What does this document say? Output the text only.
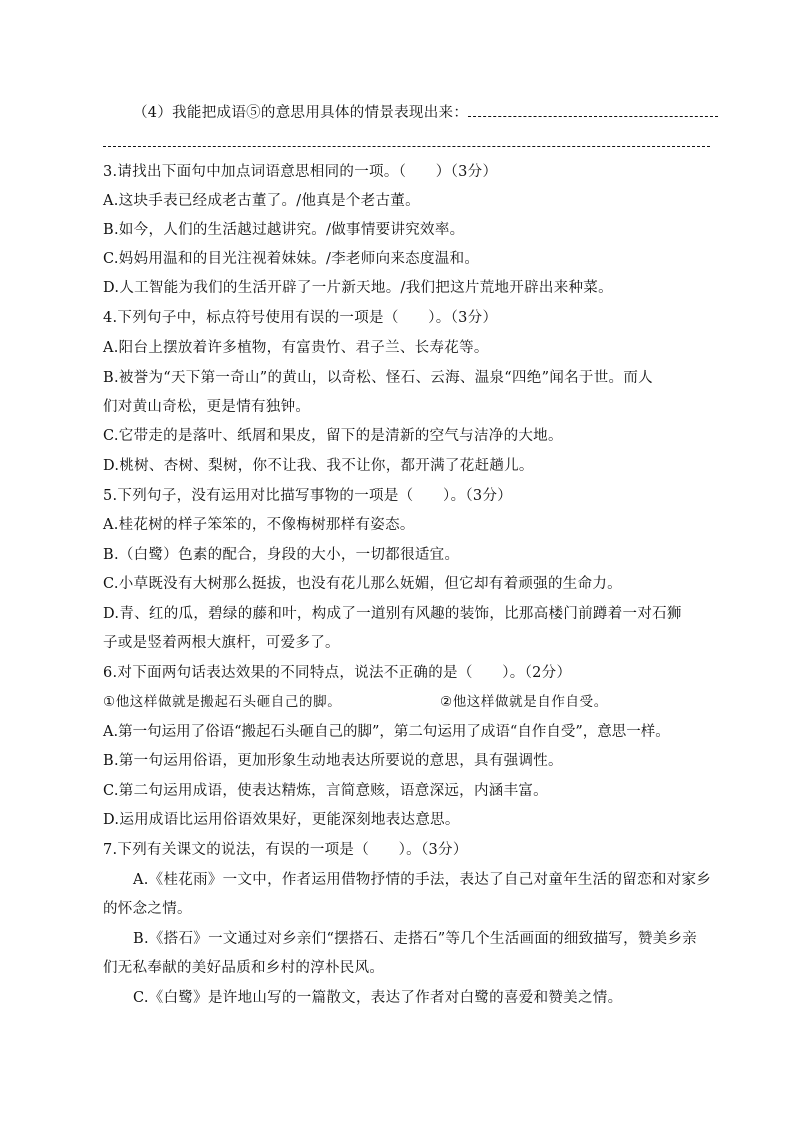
（4）我能把成语⑤的意思用具体的情景表现出来：
3.请找出下面句中加点词语意思相同的一项。（　　）（3分）
A.这块手表已经成老古董了。/他真是个老古董。
B.如今，人们的生活越过越讲究。/做事情要讲究效率。
C.妈妈用温和的目光注视着妹妹。/李老师向来态度温和。
D.人工智能为我们的生活开辟了一片新天地。/我们把这片荒地开辟出来种菜。
4.下列句子中，标点符号使用有误的一项是（　　）。（3分）
A.阳台上摆放着许多植物，有富贵竹、君子兰、长寿花等。
B.被誉为“天下第一奇山”的黄山，以奇松、怪石、云海、温泉“四绝”闻名于世。而人
们对黄山奇松，更是情有独钟。
C.它带走的是落叶、纸屑和果皮，留下的是清新的空气与洁净的大地。
D.桃树、杏树、梨树，你不让我、我不让你，都开满了花赶趟儿。
5.下列句子，没有运用对比描写事物的一项是（　　）。（3分）
A.桂花树的样子笨笨的，不像梅树那样有姿态。
B.（白鹭）色素的配合，身段的大小，一切都很适宜。
C.小草既没有大树那么挺拔，也没有花儿那么妩媚，但它却有着顽强的生命力。
D.青、红的瓜，碧绿的藤和叶，构成了一道别有风趣的装饰，比那高楼门前蹲着一对石狮
子或是竖着两根大旗杆，可爱多了。
6.对下面两句话表达效果的不同特点，说法不正确的是（　　）。（2分）
①他这样做就是搬起石头砸自己的脚。	②他这样做就是自作自受。
A.第一句运用了俗语“搬起石头砸自己的脚”，第二句运用了成语“自作自受”，意思一样。
B.第一句运用俗语，更加形象生动地表达所要说的意思，具有强调性。
C.第二句运用成语，使表达精炼，言简意赅，语意深远，内涵丰富。
D.运用成语比运用俗语效果好，更能深刻地表达意思。
7.下列有关课文的说法，有误的一项是（　　）。（3分）
A.《桂花雨》一文中，作者运用借物抒情的手法，表达了自己对童年生活的留恋和对家乡
的怀念之情。
B.《搭石》一文通过对乡亲们“摆搭石、走搭石”等几个生活画面的细致描写，赞美乡亲
们无私奉献的美好品质和乡村的淳朴民风。
C.《白鹭》是许地山写的一篇散文，表达了作者对白鹭的喜爱和赞美之情。
